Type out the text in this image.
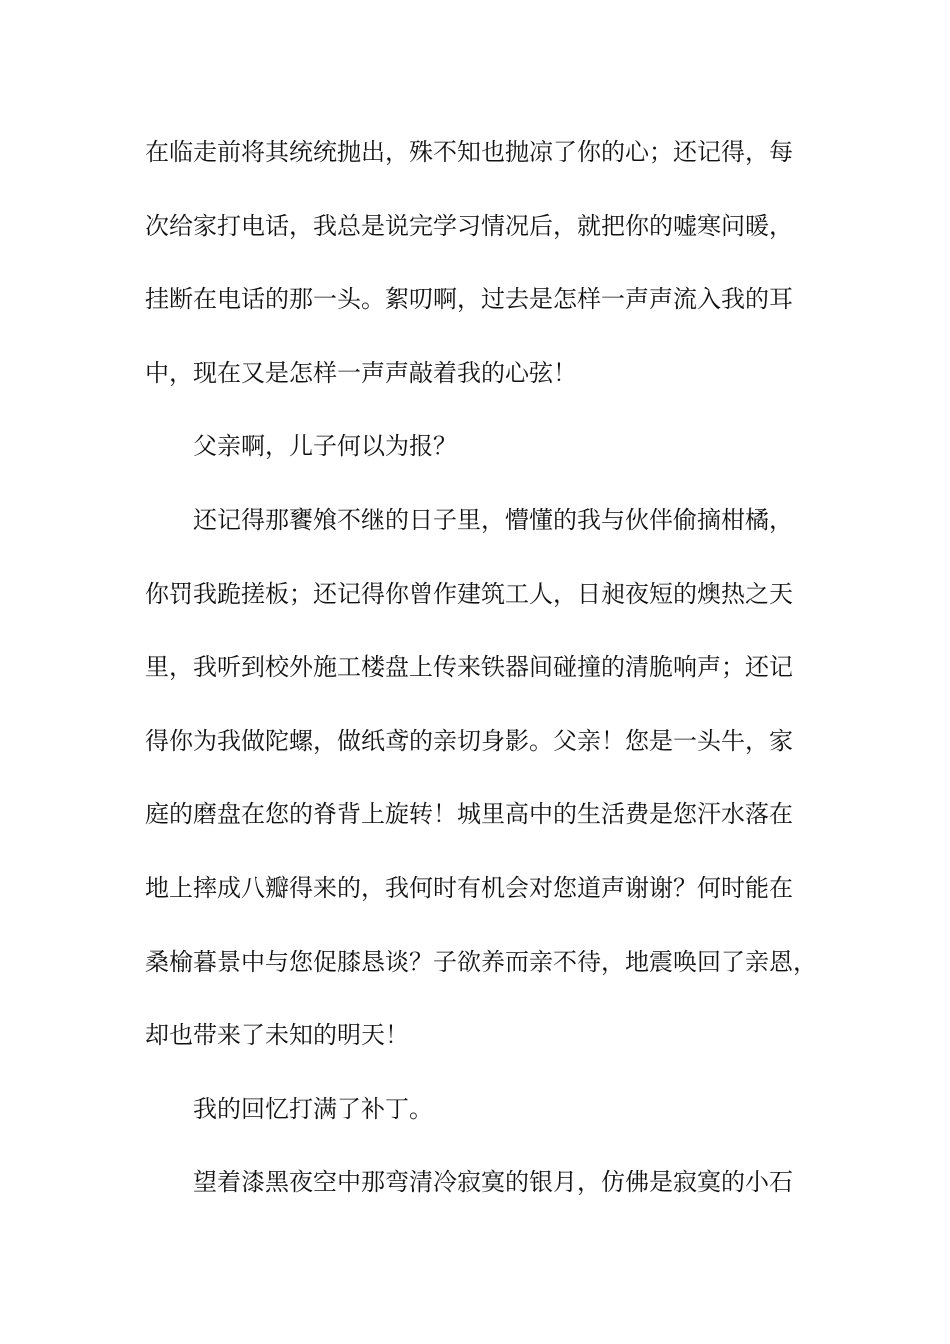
在临走前将其统统抛出，殊不知也抛凉了你的心；还记得，每
次给家打电话，我总是说完学习情况后，就把你的嘘寒问暖，
挂断在电话的那一头。絮叨啊，过去是怎样一声声流入我的耳
中，现在又是怎样一声声敲着我的心弦！
父亲啊，儿子何以为报？
还记得那饔飧不继的日子里，懵懂的我与伙伴偷摘柑橘，
你罚我跪搓板；还记得你曾作建筑工人，日昶夜短的燠热之天
里，我听到校外施工楼盘上传来铁器间碰撞的清脆响声；还记
得你为我做陀螺，做纸鸢的亲切身影。父亲！您是一头牛，家
庭的磨盘在您的脊背上旋转！城里高中的生活费是您汗水落在
地上摔成八瓣得来的，我何时有机会对您道声谢谢？何时能在
桑榆暮景中与您促膝恳谈？子欲养而亲不待，地震唤回了亲恩，
却也带来了未知的明天！
我的回忆打满了补丁。
望着漆黑夜空中那弯清冷寂寞的银月，仿佛是寂寞的小石
